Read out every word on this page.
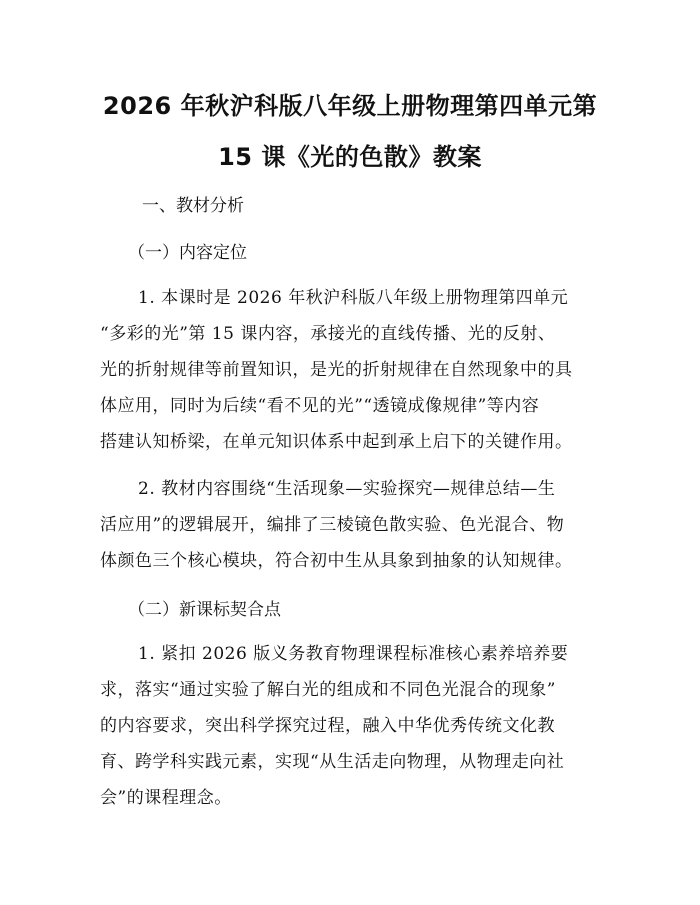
2026 年秋沪科版八年级上册物理第四单元第
15 课《光的色散》教案

一、教材分析

（一）内容定位

1. 本课时是 2026 年秋沪科版八年级上册物理第四单元
“多彩的光”第 15 课内容，承接光的直线传播、光的反射、
光的折射规律等前置知识，是光的折射规律在自然现象中的具
体应用，同时为后续“看不见的光”“透镜成像规律”等内容
搭建认知桥梁，在单元知识体系中起到承上启下的关键作用。
2. 教材内容围绕“生活现象—实验探究—规律总结—生
活应用”的逻辑展开，编排了三棱镜色散实验、色光混合、物
体颜色三个核心模块，符合初中生从具象到抽象的认知规律。

（二）新课标契合点

1. 紧扣 2026 版义务教育物理课程标准核心素养培养要
求，落实“通过实验了解白光的组成和不同色光混合的现象”
的内容要求，突出科学探究过程，融入中华优秀传统文化教
育、跨学科实践元素，实现“从生活走向物理，从物理走向社
会”的课程理念。
